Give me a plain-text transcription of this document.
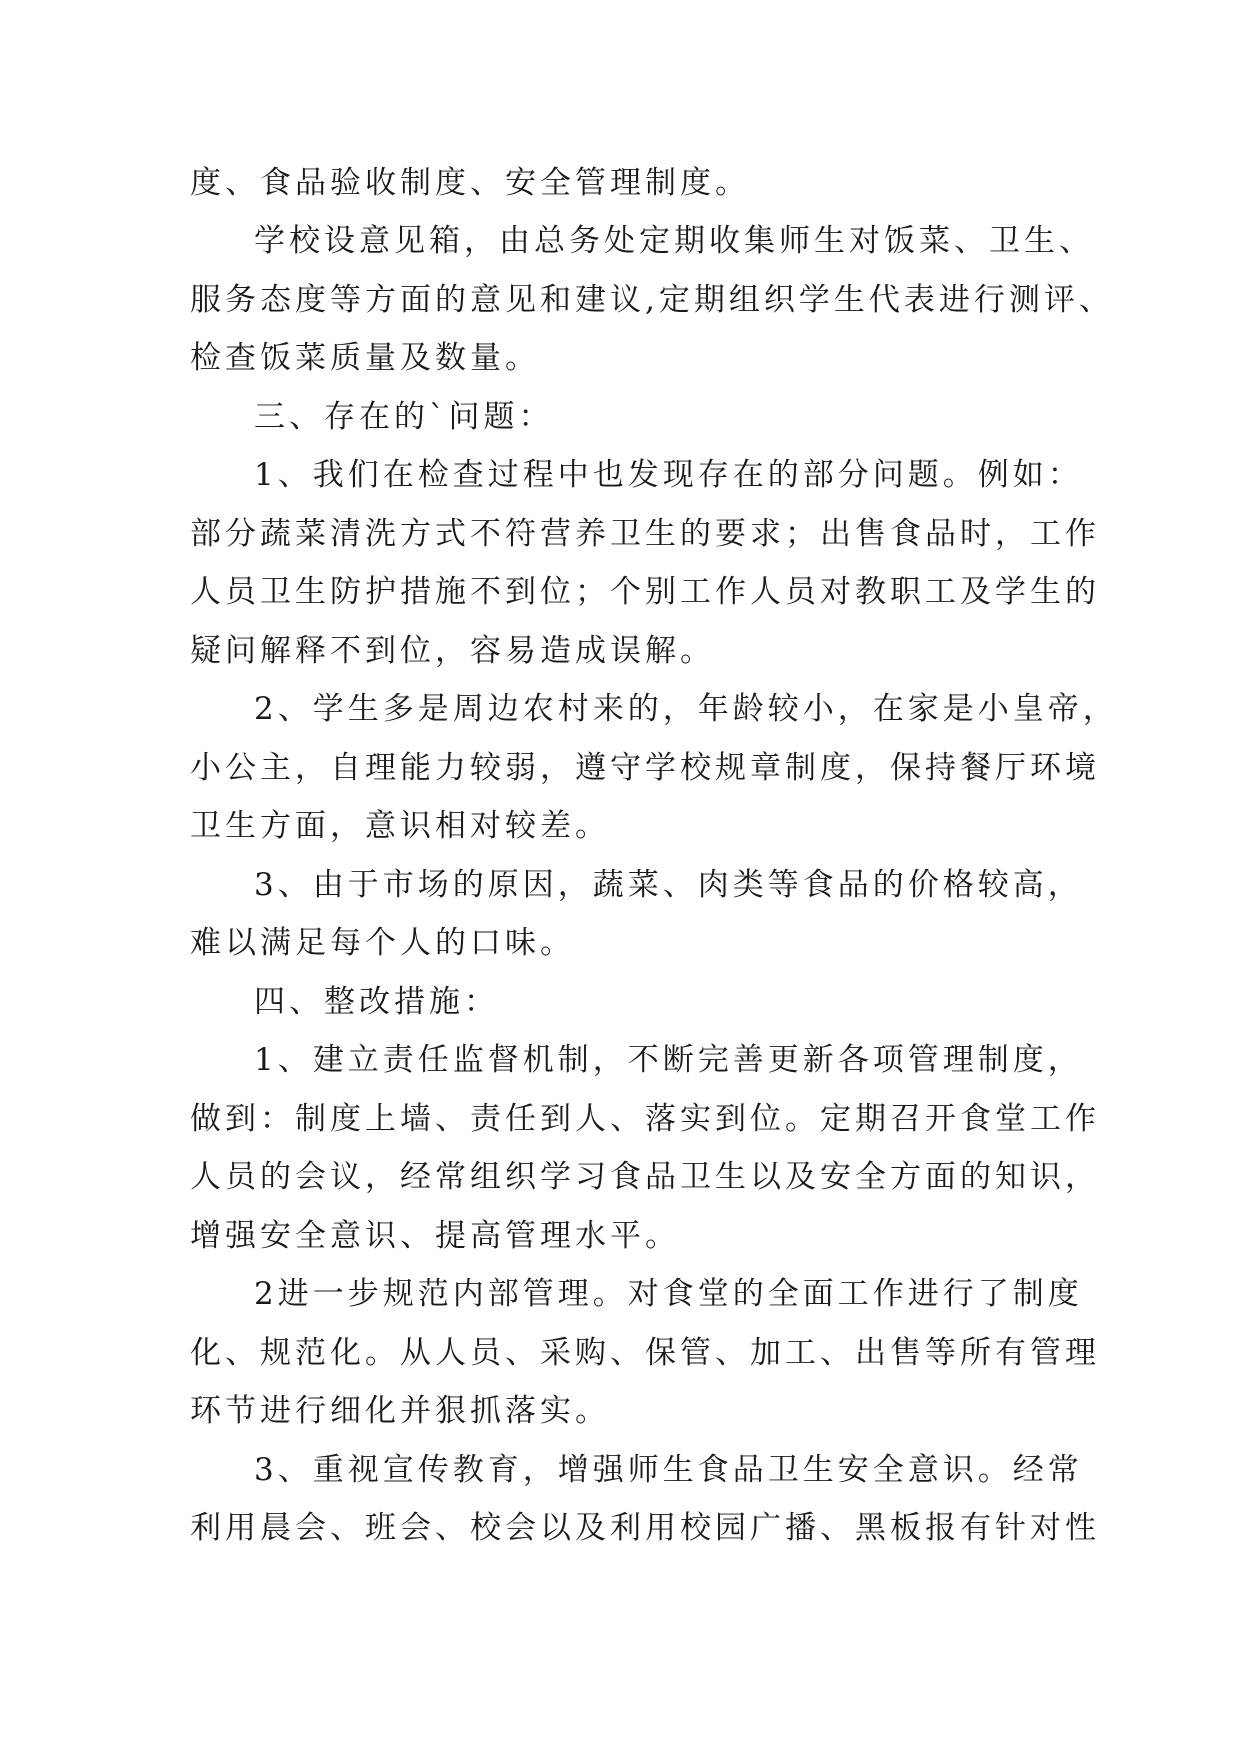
度、食品验收制度、安全管理制度。
学校设意见箱，由总务处定期收集师生对饭菜、卫生、
服务态度等方面的意见和建议,定期组织学生代表进行测评、
检查饭菜质量及数量。
三、存在的`问题：
1、我们在检查过程中也发现存在的部分问题。例如：
部分蔬菜清洗方式不符营养卫生的要求；出售食品时，工作
人员卫生防护措施不到位；个别工作人员对教职工及学生的
疑问解释不到位，容易造成误解。
2、学生多是周边农村来的，年龄较小，在家是小皇帝，
小公主，自理能力较弱，遵守学校规章制度，保持餐厅环境
卫生方面，意识相对较差。
3、由于市场的原因，蔬菜、肉类等食品的价格较高，
难以满足每个人的口味。
四、整改措施：
1、建立责任监督机制，不断完善更新各项管理制度，
做到：制度上墙、责任到人、落实到位。定期召开食堂工作
人员的会议，经常组织学习食品卫生以及安全方面的知识，
增强安全意识、提高管理水平。
2进一步规范内部管理。对食堂的全面工作进行了制度
化、规范化。从人员、采购、保管、加工、出售等所有管理
环节进行细化并狠抓落实。
3、重视宣传教育，增强师生食品卫生安全意识。经常
利用晨会、班会、校会以及利用校园广播、黑板报有针对性
